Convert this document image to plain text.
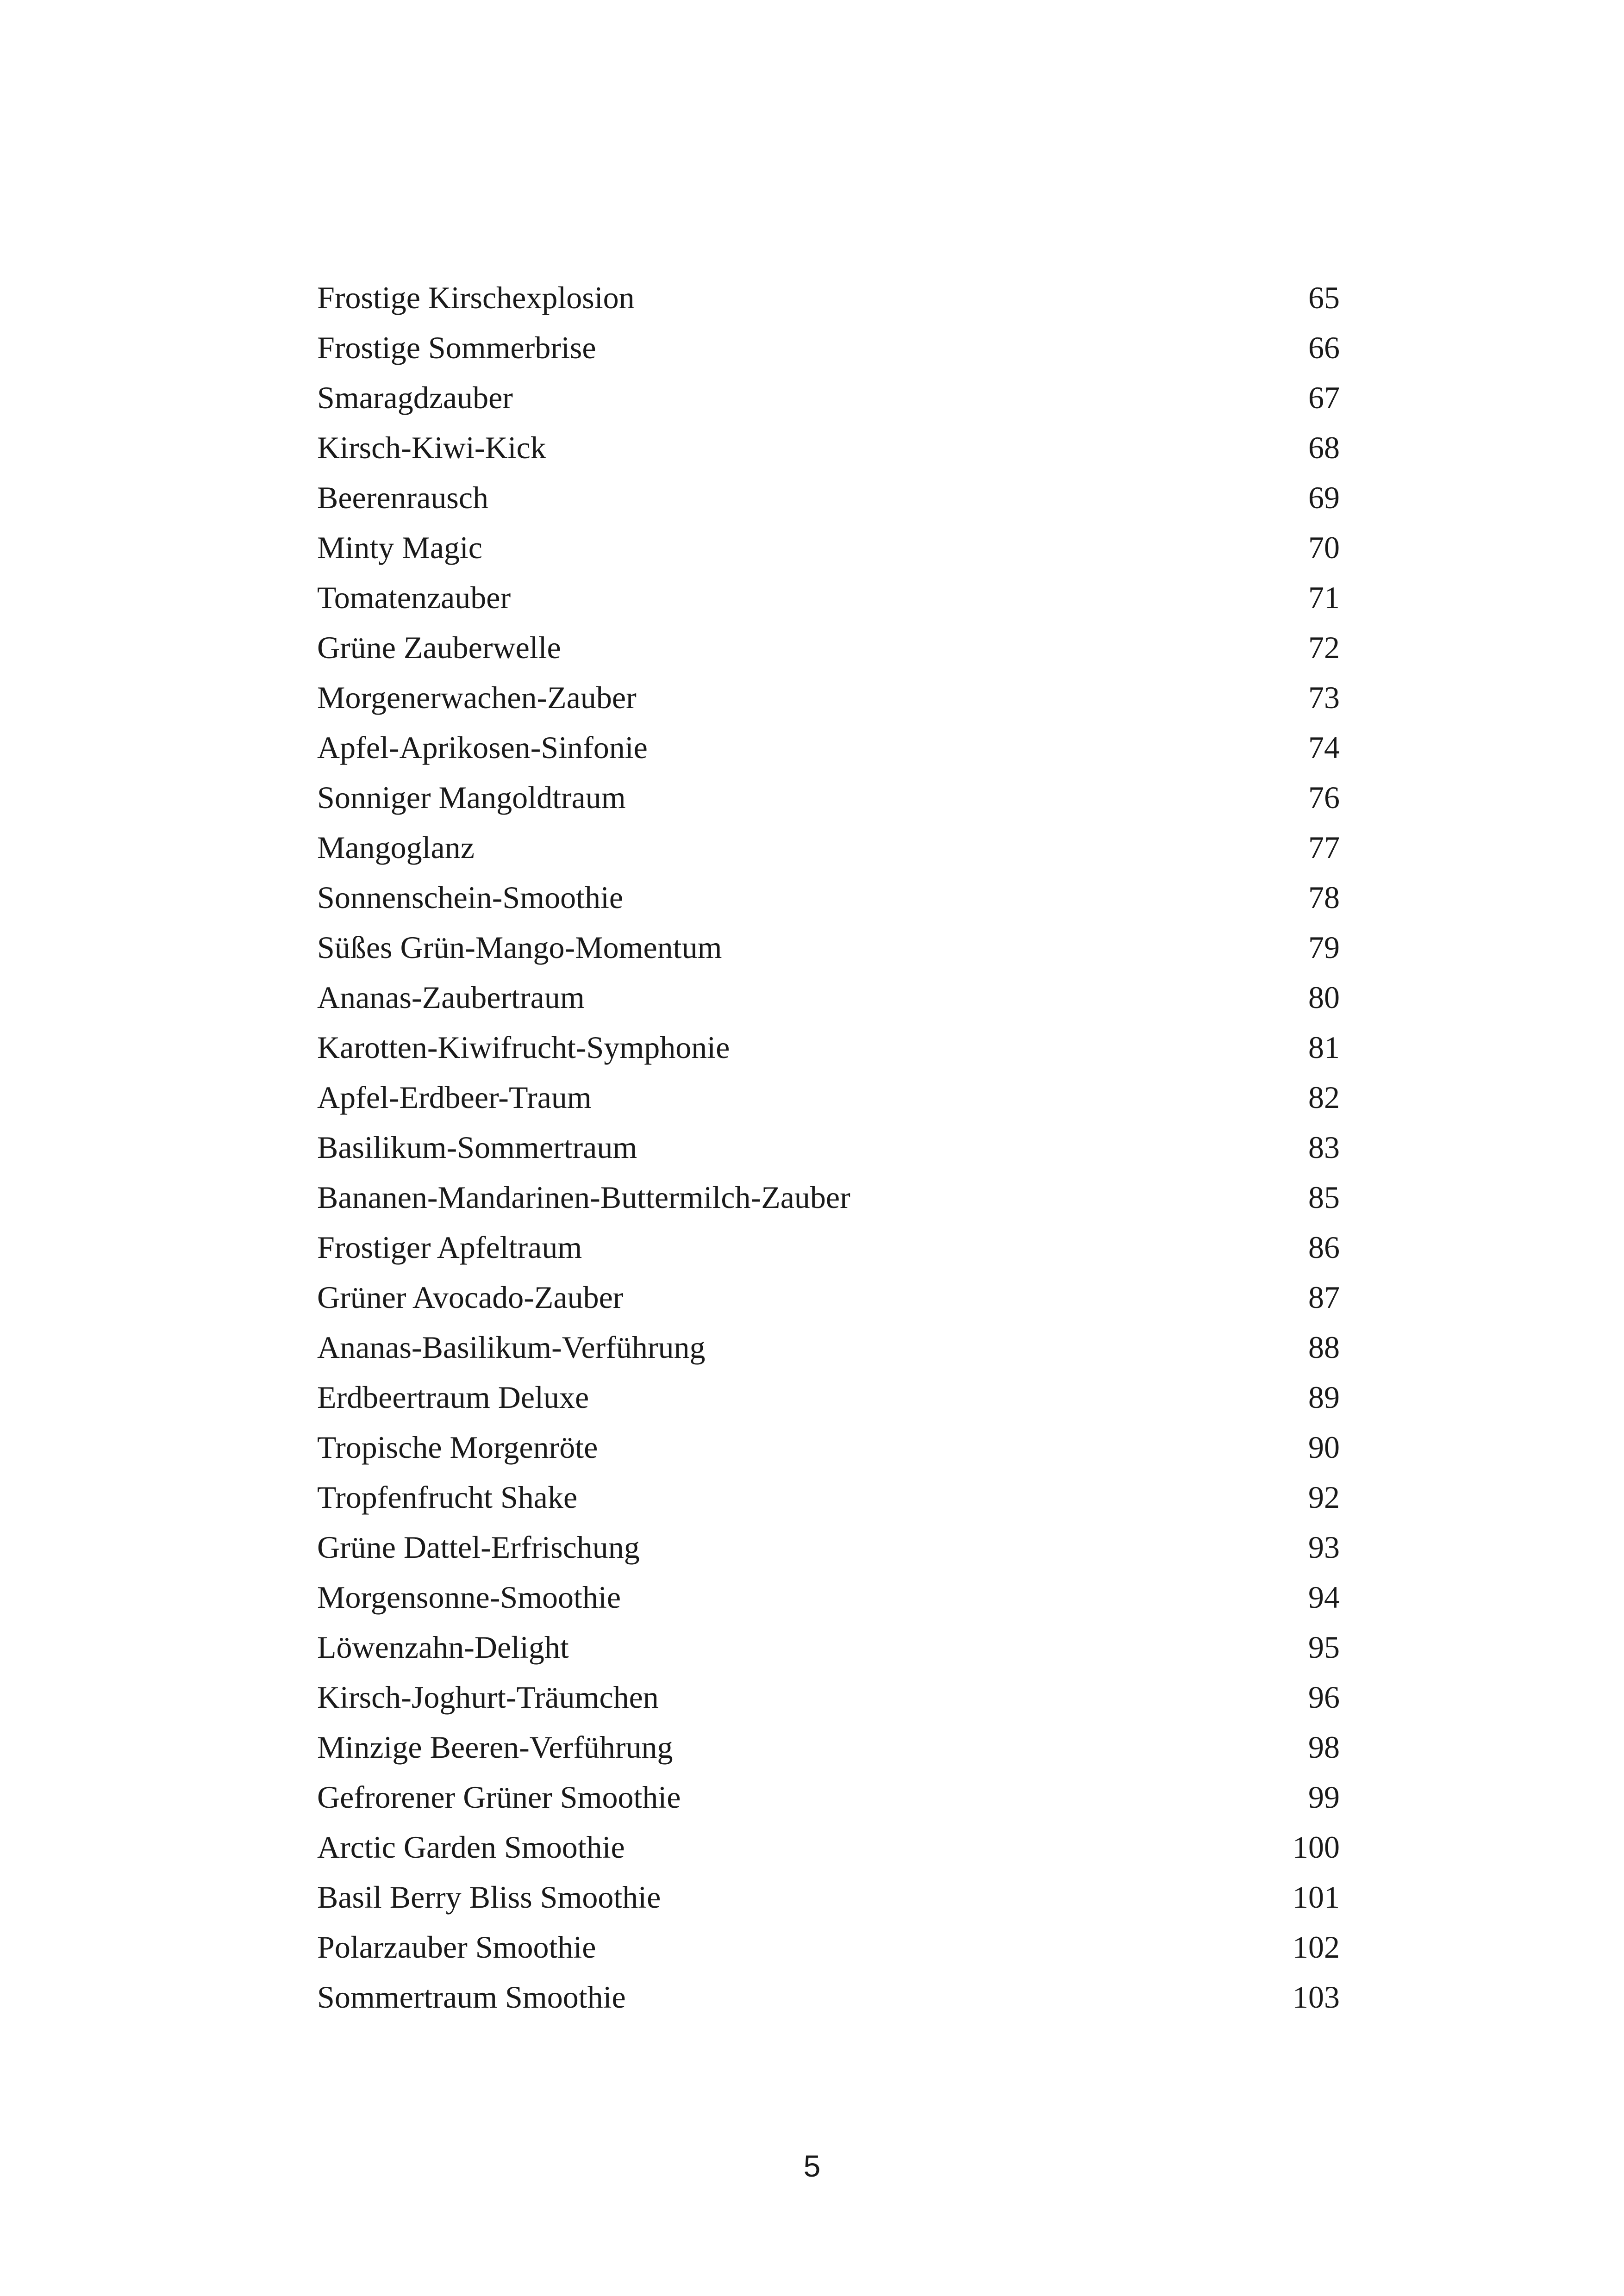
Frostige Kirschexplosion	65
Frostige Sommerbrise	66
Smaragdzauber	67
Kirsch-Kiwi-Kick	68
Beerenrausch	69
Minty Magic	70
Tomatenzauber	71
Grüne Zauberwelle	72
Morgenerwachen-Zauber	73
Apfel-Aprikosen-Sinfonie	74
Sonniger Mangoldtraum	76
Mangoglanz	77
Sonnenschein-Smoothie	78
Süßes Grün-Mango-Momentum	79
Ananas-Zaubertraum	80
Karotten-Kiwifrucht-Symphonie	81
Apfel-Erdbeer-Traum	82
Basilikum-Sommertraum	83
Bananen-Mandarinen-Buttermilch-Zauber	85
Frostiger Apfeltraum	86
Grüner Avocado-Zauber	87
Ananas-Basilikum-Verführung	88
Erdbeertraum Deluxe	89
Tropische Morgenröte	90
Tropfenfrucht Shake	92
Grüne Dattel-Erfrischung	93
Morgensonne-Smoothie	94
Löwenzahn-Delight	95
Kirsch-Joghurt-Träumchen	96
Minzige Beeren-Verführung	98
Gefrorener Grüner Smoothie	99
Arctic Garden Smoothie	100
Basil Berry Bliss Smoothie	101
Polarzauber Smoothie	102
Sommertraum Smoothie	103
5
